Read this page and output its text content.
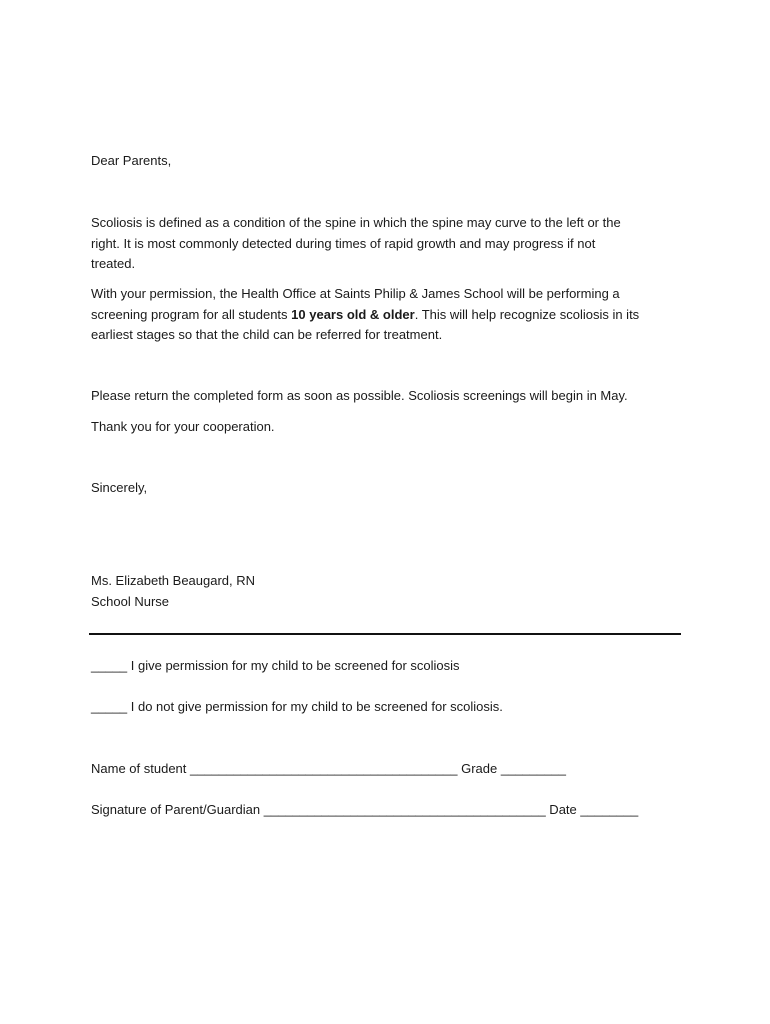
Dear Parents,
Scoliosis is defined as a condition of the spine in which the spine may curve to the left or the
right. It is most commonly detected during times of rapid growth and may progress if not
treated.
With your permission, the Health Office at Saints Philip & James School will be performing a
screening program for all students 10 years old & older. This will help recognize scoliosis in its
earliest stages so that the child can be referred for treatment.
Please return the completed form as soon as possible. Scoliosis screenings will begin in May.
Thank you for your cooperation.
Sincerely,
Ms. Elizabeth Beaugard, RN
School Nurse
_____ I give permission for my child to be screened for scoliosis
_____ I do not give permission for my child to be screened for scoliosis.
Name of student _____________________________________ Grade _________
Signature of Parent/Guardian _______________________________________ Date ________
